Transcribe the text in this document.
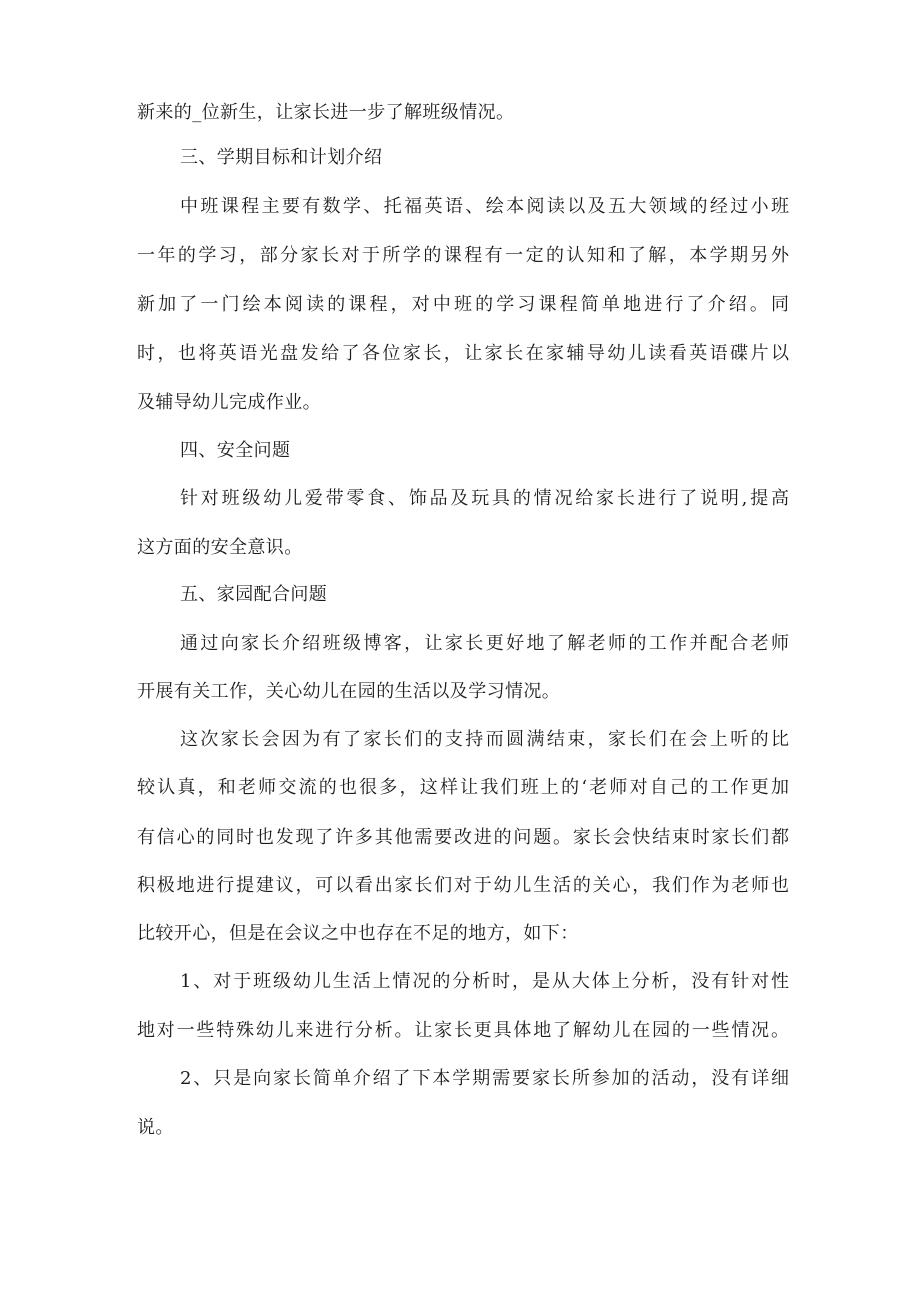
新来的_位新生，让家长进一步了解班级情况。

三、学期目标和计划介绍

中班课程主要有数学、托福英语、绘本阅读以及五大领域的经过小班

一年的学习，部分家长对于所学的课程有一定的认知和了解，本学期另外

新加了一门绘本阅读的课程，对中班的学习课程简单地进行了介绍。同

时，也将英语光盘发给了各位家长，让家长在家辅导幼儿读看英语碟片以

及辅导幼儿完成作业。

四、安全问题

针对班级幼儿爱带零食、饰品及玩具的情况给家长进行了说明,提高

这方面的安全意识。

五、家园配合问题

通过向家长介绍班级博客，让家长更好地了解老师的工作并配合老师

开展有关工作，关心幼儿在园的生活以及学习情况。

这次家长会因为有了家长们的支持而圆满结束，家长们在会上听的比

较认真，和老师交流的也很多，这样让我们班上的‘老师对自己的工作更加

有信心的同时也发现了许多其他需要改进的问题。家长会快结束时家长们都

积极地进行提建议，可以看出家长们对于幼儿生活的关心，我们作为老师也

比较开心，但是在会议之中也存在不足的地方，如下：

1、对于班级幼儿生活上情况的分析时，是从大体上分析，没有针对性

地对一些特殊幼儿来进行分析。让家长更具体地了解幼儿在园的一些情况。

2、只是向家长简单介绍了下本学期需要家长所参加的活动，没有详细

说。
